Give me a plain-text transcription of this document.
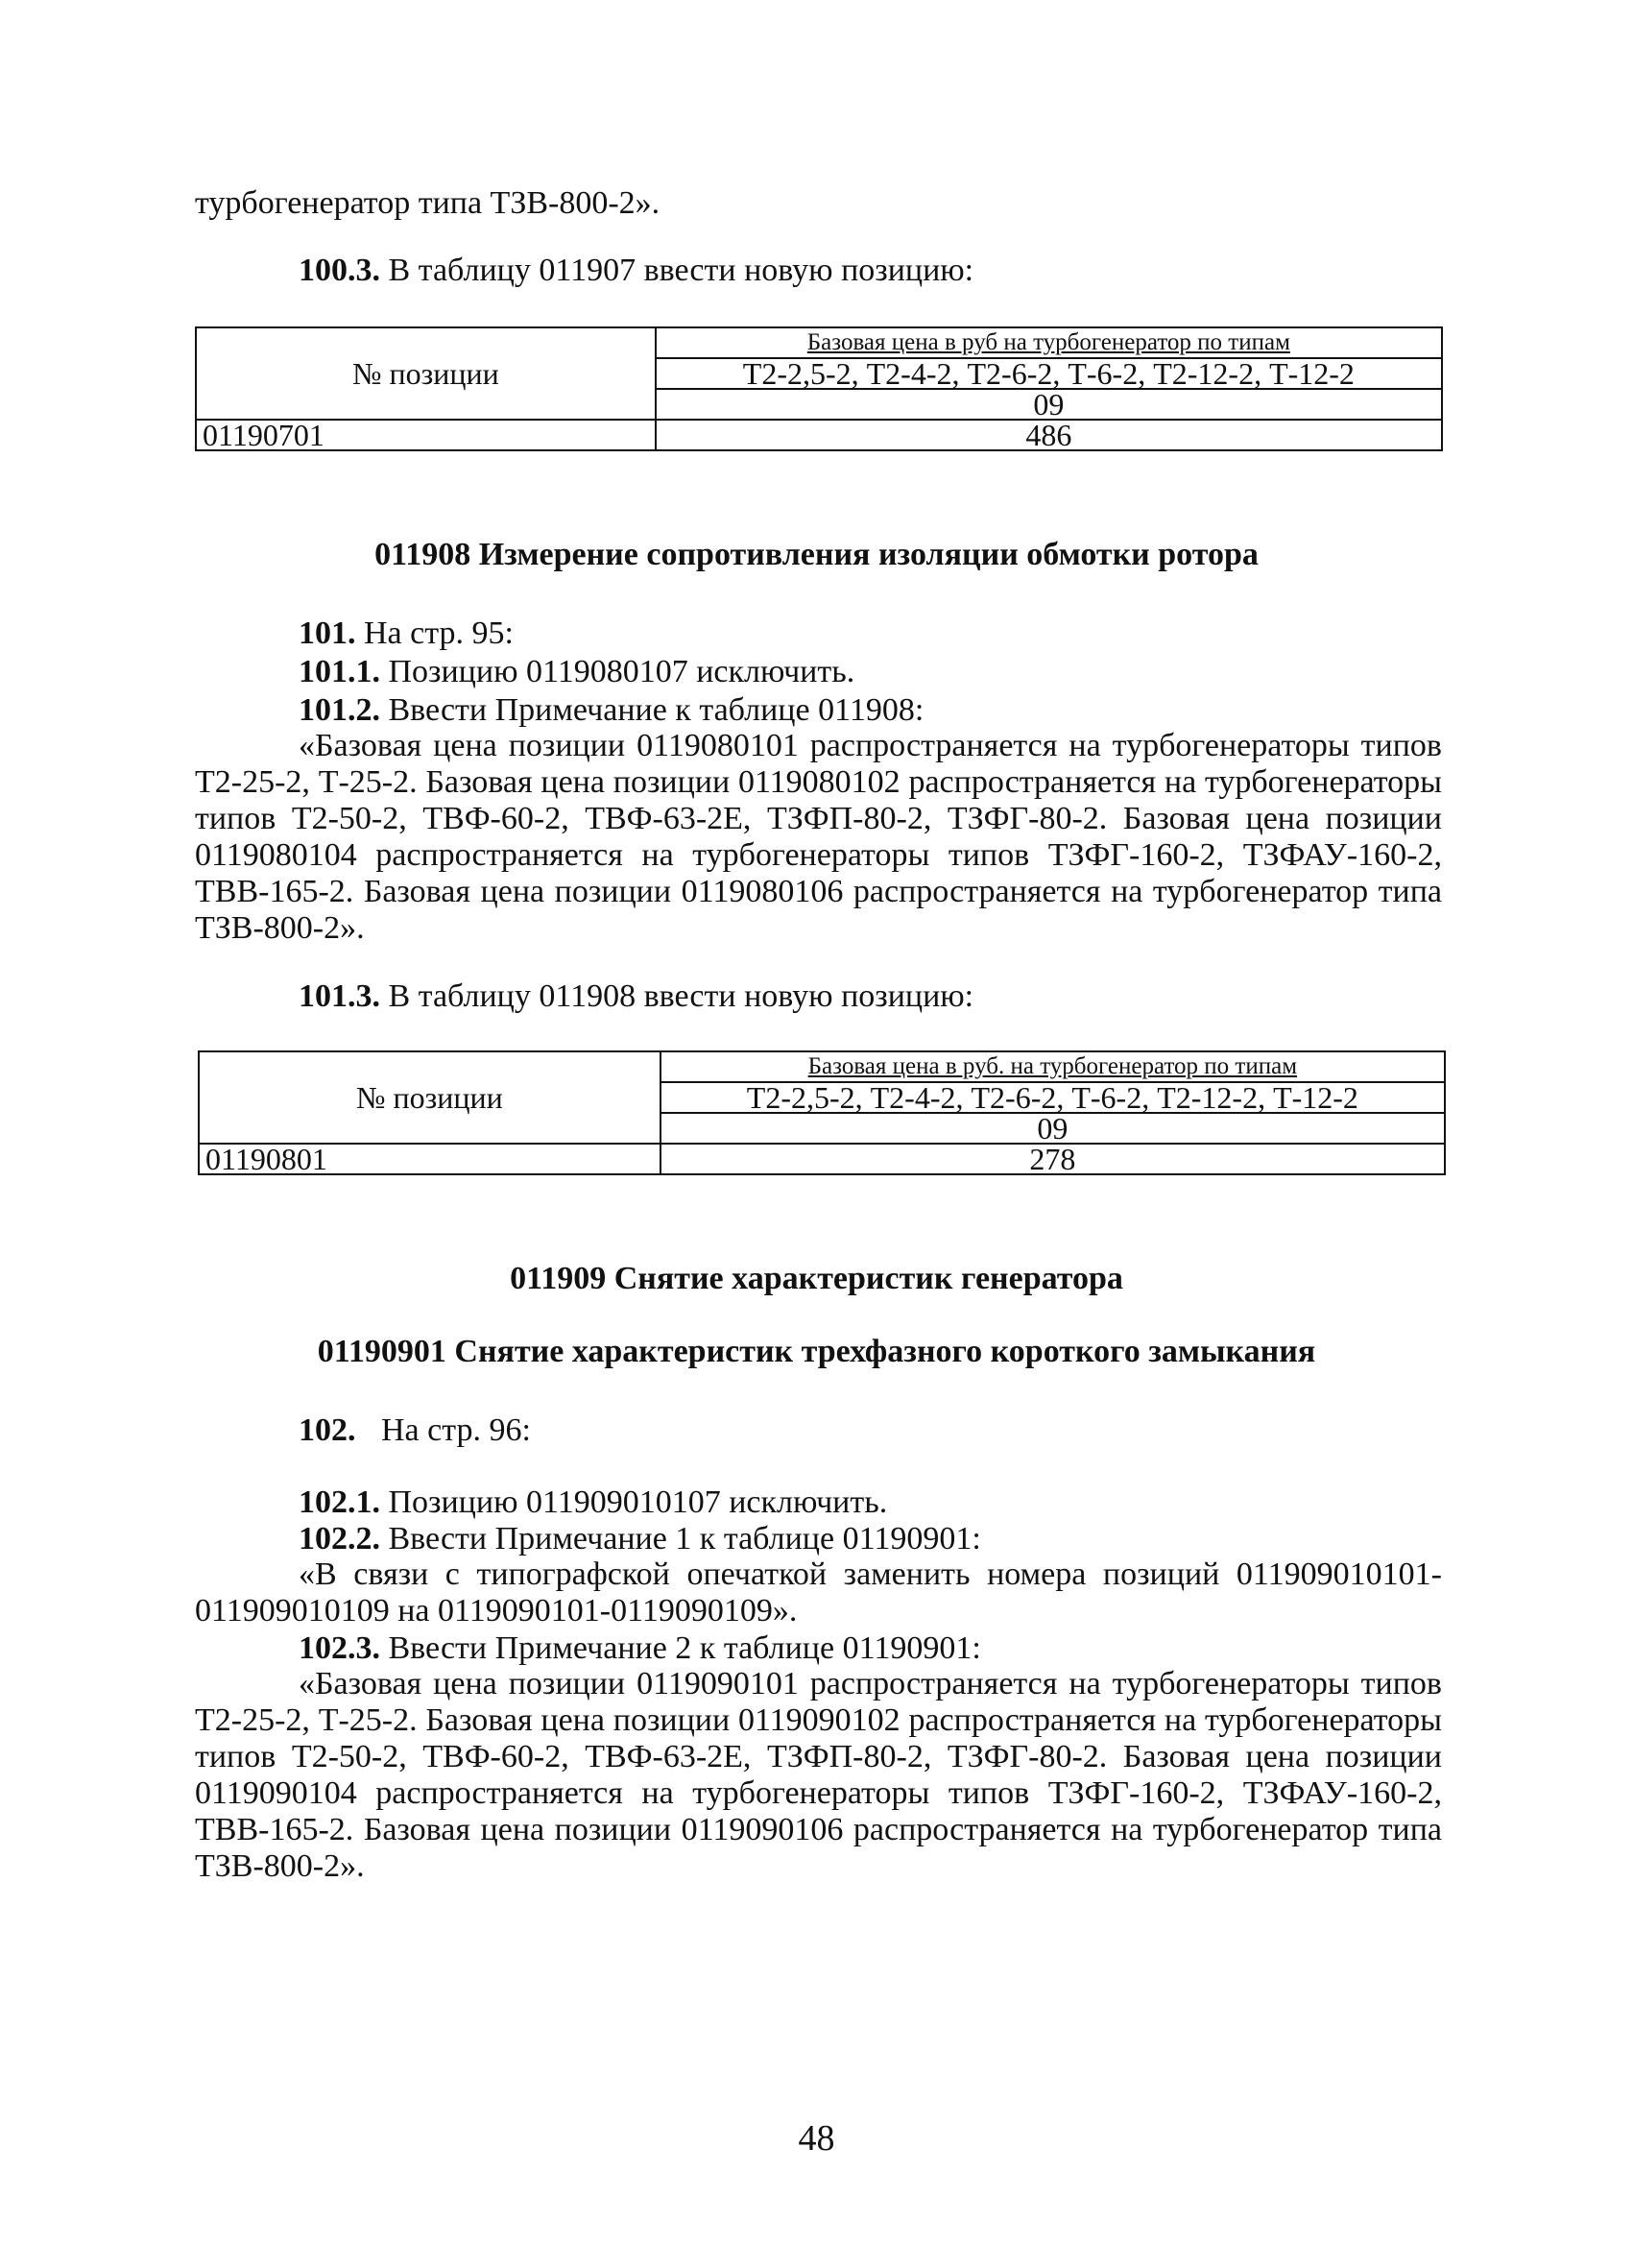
турбогенератор типа ТЗВ-800-2».
100.3. В таблицу 011907 ввести новую позицию:
№ позиции	Базовая цена в руб на турбогенератор по типам
	Т2-2,5-2, Т2-4-2, Т2-6-2, Т-6-2, Т2-12-2, Т-12-2
	09
01190701	486
011908 Измерение сопротивления изоляции обмотки ротора
101. На стр. 95:
101.1. Позицию 0119080107 исключить.
101.2. Ввести Примечание к таблице 011908:
«Базовая цена позиции 0119080101 распространяется на турбогенераторы типов Т2-25-2, Т-25-2. Базовая цена позиции 0119080102 распространяется на турбогенераторы типов Т2-50-2, ТВФ-60-2, ТВФ-63-2Е, ТЗФП-80-2, ТЗФГ-80-2. Базовая цена позиции 0119080104 распространяется на турбогенераторы типов ТЗФГ-160-2, ТЗФАУ-160-2, ТВВ-165-2. Базовая цена позиции 0119080106 распространяется на турбогенератор типа ТЗВ-800-2».
101.3. В таблицу 011908 ввести новую позицию:
№ позиции	Базовая цена в руб. на турбогенератор по типам
	Т2-2,5-2, Т2-4-2, Т2-6-2, Т-6-2, Т2-12-2, Т-12-2
	09
01190801	278
011909 Снятие характеристик генератора
01190901 Снятие характеристик трехфазного короткого замыкания
102. На стр. 96:
102.1. Позицию 011909010107 исключить.
102.2. Ввести Примечание 1 к таблице 01190901:
«В связи с типографской опечаткой заменить номера позиций 011909010101-011909010109 на 0119090101-0119090109».
102.3. Ввести Примечание 2 к таблице 01190901:
«Базовая цена позиции 0119090101 распространяется на турбогенераторы типов Т2-25-2, Т-25-2. Базовая цена позиции 0119090102 распространяется на турбогенераторы типов Т2-50-2, ТВФ-60-2, ТВФ-63-2Е, ТЗФП-80-2, ТЗФГ-80-2. Базовая цена позиции 0119090104 распространяется на турбогенераторы типов ТЗФГ-160-2, ТЗФАУ-160-2, ТВВ-165-2. Базовая цена позиции 0119090106 распространяется на турбогенератор типа ТЗВ-800-2».
48
